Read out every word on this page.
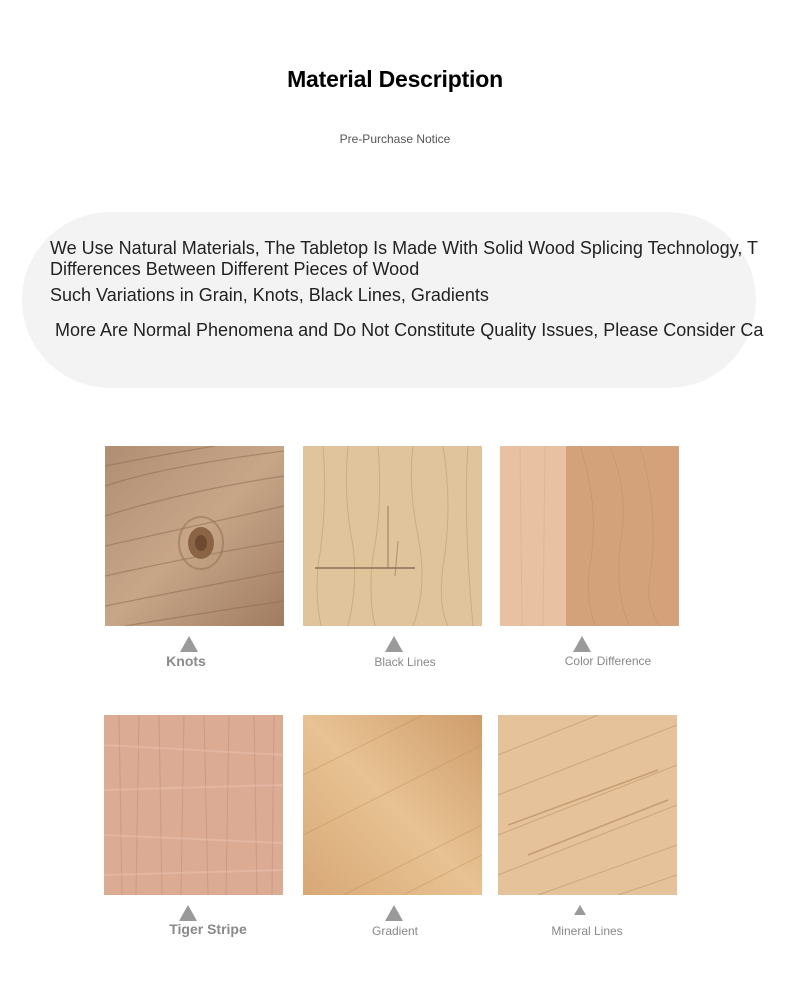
Material Description
Pre-Purchase Notice
We Use Natural Materials, The Tabletop Is Made With Solid Wood Splicing Technology, T
Differences Between Different Pieces of Wood
Such Variations in Grain, Knots, Black Lines, Gradients
More Are Normal Phenomena and Do Not Constitute Quality Issues, Please Consider Ca
Knots	Black Lines	Color Difference
Tiger Stripe	Gradient	Mineral Lines
